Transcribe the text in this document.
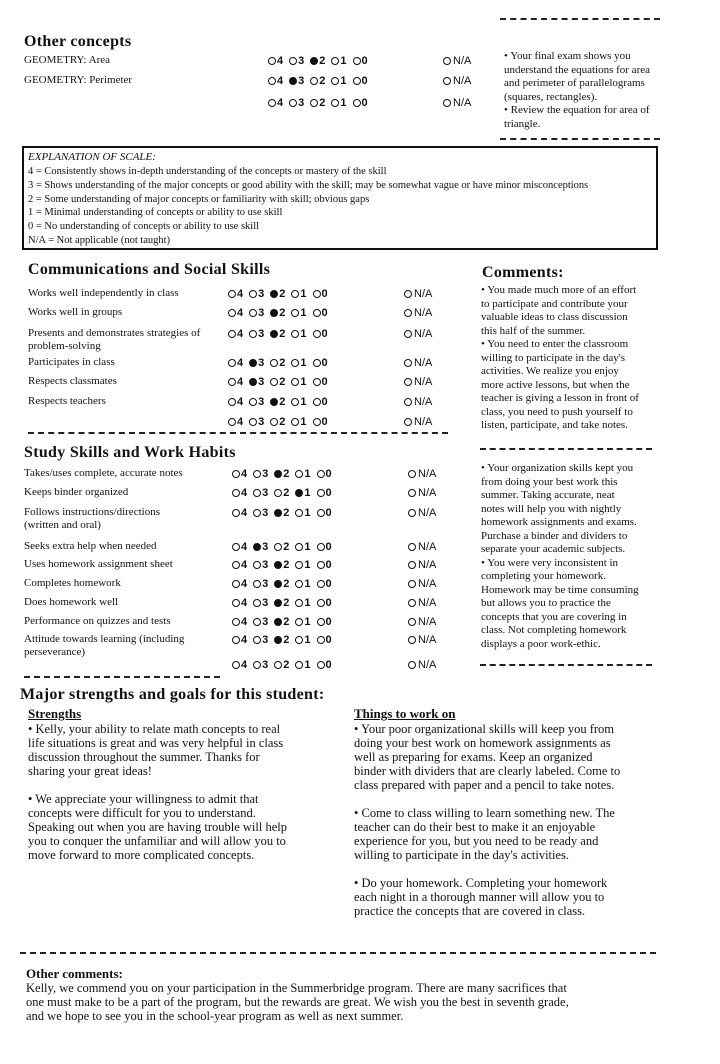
Other concepts
GEOMETRY: Area	4 3 2 1 0	N/A
GEOMETRY: Perimeter	4 3 2 1 0	N/A
4 3 2 1 0	N/A
• Your final exam shows you
understand the equations for area
and perimeter of parallelograms
(squares, rectangles).
• Review the equation for area of
triangle.
EXPLANATION OF SCALE:
4 = Consistently shows in-depth understanding of the concepts or mastery of the skill
3 = Shows understanding of the major concepts or good ability with the skill; may be somewhat vague or have minor misconceptions
2 = Some understanding of major concepts or familiarity with skill; obvious gaps
1 = Minimal understanding of concepts or ability to use skill
0 = No understanding of concepts or ability to use skill
N/A = Not applicable (not taught)
Communications and Social Skills
Works well independently in class	4 3 2 1 0	N/A
Works well in groups	4 3 2 1 0	N/A
Presents and demonstrates strategies of
problem-solving
4 3 2 1 0	N/A
Participates in class	4 3 2 1 0	N/A
Respects classmates	4 3 2 1 0	N/A
Respects teachers	4 3 2 1 0	N/A
4 3 2 1 0	N/A
Comments:
• You made much more of an effort
to participate and contribute your
valuable ideas to class discussion
this half of the summer.
• You need to enter the classroom
willing to participate in the day's
activities. We realize you enjoy
more active lessons, but when the
teacher is giving a lesson in front of
class, you need to push yourself to
listen, participate, and take notes.
• Your organization skills kept you
from doing your best work this
summer. Taking accurate, neat
notes will help you with nightly
homework assignments and exams.
Purchase a binder and dividers to
separate your academic subjects.
• You were very inconsistent in
completing your homework.
Homework may be time consuming
but allows you to practice the
concepts that you are covering in
class. Not completing homework
displays a poor work-ethic.
Study Skills and Work Habits
Takes/uses complete, accurate notes	4 3 2 1 0	N/A
Keeps binder organized	4 3 2 1 0	N/A
Follows instructions/directions
(written and oral)
4 3 2 1 0	N/A
Seeks extra help when needed	4 3 2 1 0	N/A
Uses homework assignment sheet	4 3 2 1 0	N/A
Completes homework	4 3 2 1 0	N/A
Does homework well	4 3 2 1 0	N/A
Performance on quizzes and tests	4 3 2 1 0	N/A
Attitude towards learning (including
perseverance)
4 3 2 1 0	N/A
4 3 2 1 0	N/A
Major strengths and goals for this student:
Strengths
• Kelly, your ability to relate math concepts to real
life situations is great and was very helpful in class
discussion throughout the summer. Thanks for
sharing your great ideas!
• We appreciate your willingness to admit that
concepts were difficult for you to understand.
Speaking out when you are having trouble will help
you to conquer the unfamiliar and will allow you to
move forward to more complicated concepts.
Things to work on
• Your poor organizational skills will keep you from
doing your best work on homework assignments as
well as preparing for exams. Keep an organized
binder with dividers that are clearly labeled. Come to
class prepared with paper and a pencil to take notes.
• Come to class willing to learn something new. The
teacher can do their best to make it an enjoyable
experience for you, but you need to be ready and
willing to participate in the day's activities.
• Do your homework. Completing your homework
each night in a thorough manner will allow you to
practice the concepts that are covered in class.
Other comments:
Kelly, we commend you on your participation in the Summerbridge program. There are many sacrifices that
one must make to be a part of the program, but the rewards are great. We wish you the best in seventh grade,
and we hope to see you in the school-year program as well as next summer.
